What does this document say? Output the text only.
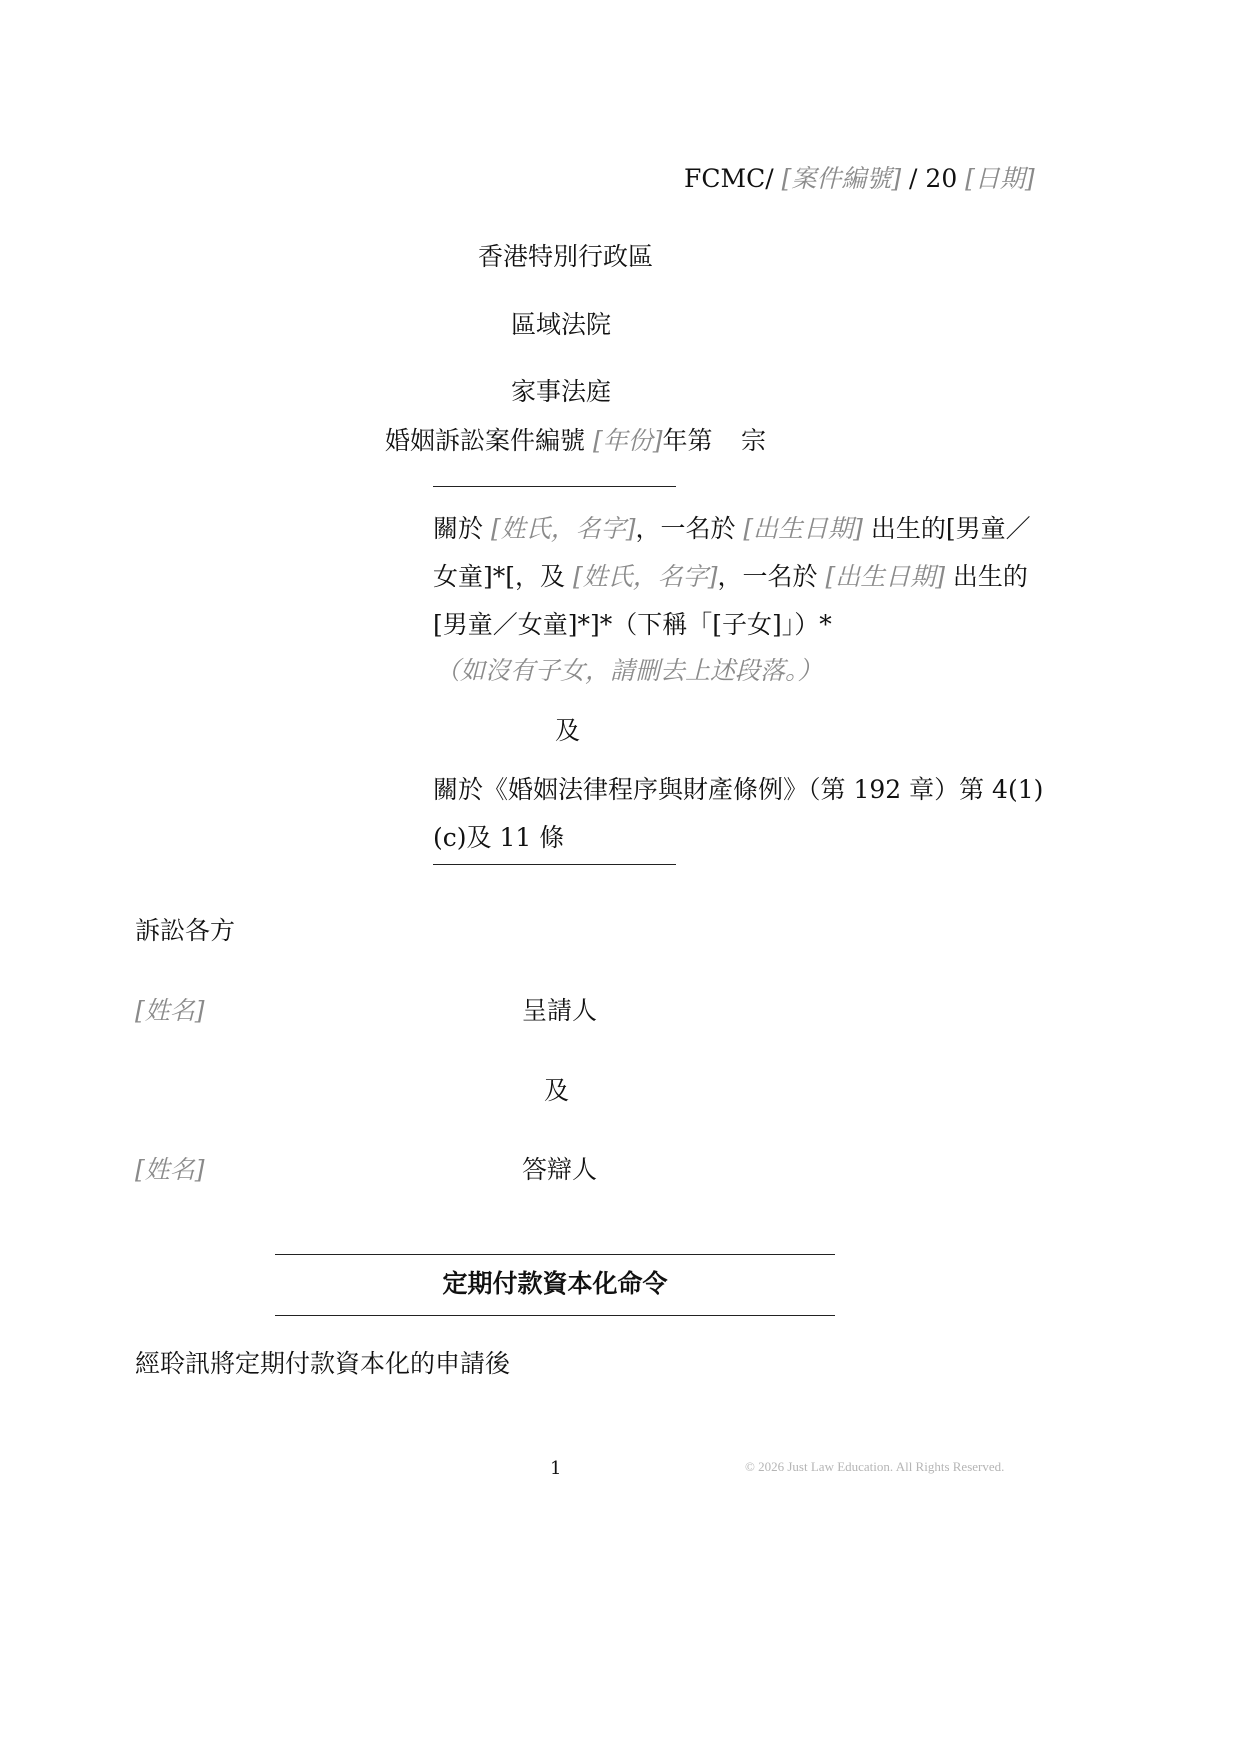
FCMC/ [案件編號] / 20 [日期]
香港特別行政區
區域法院
家事法庭
婚姻訴訟案件編號 [年份]年第 宗
關於 [姓氏，名字]，一名於 [出生日期] 出生的[男童／
女童]*[，及 [姓氏，名字]，一名於 [出生日期] 出生的
[男童／女童]*]*（下稱「[子女]」）*
（如沒有子女，請刪去上述段落。）
及
關於《婚姻法律程序與財產條例》（第 192 章）第 4(1)
(c)及 11 條
訴訟各方
[姓名]	呈請人
及
[姓名]	答辯人
定期付款資本化命令
經聆訊將定期付款資本化的申請後
1	© 2026 Just Law Education. All Rights Reserved.
